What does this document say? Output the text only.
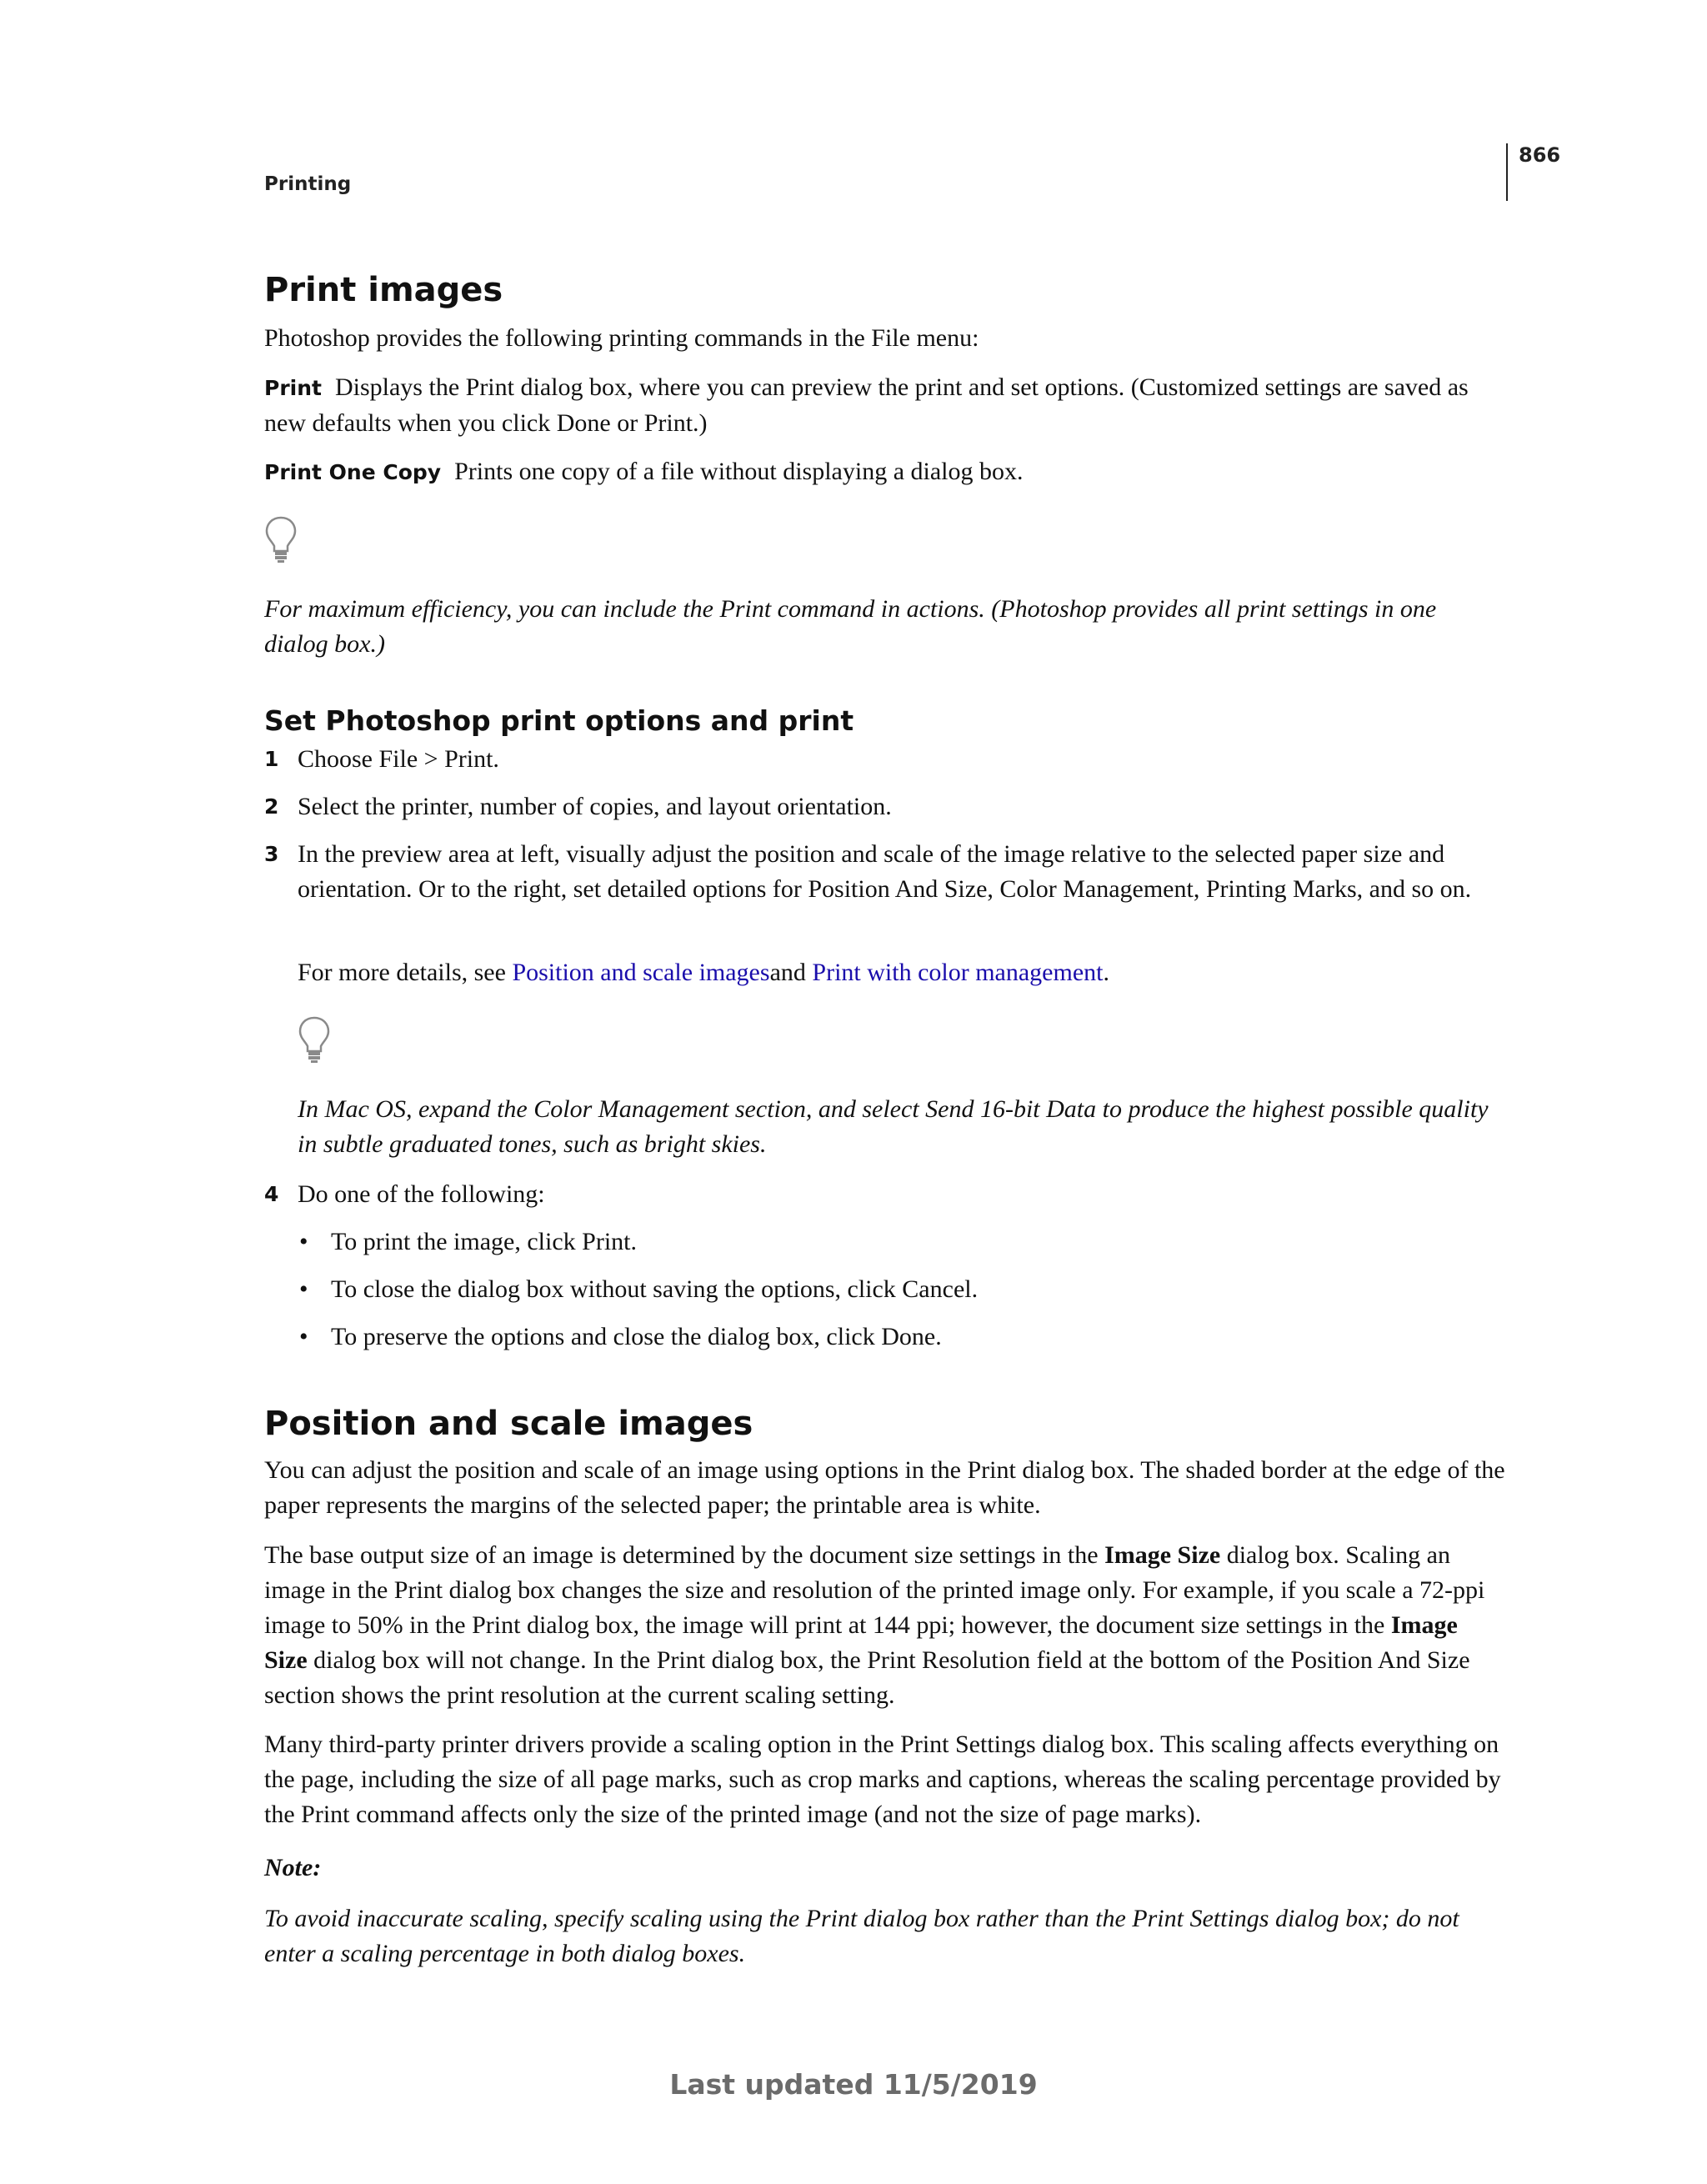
Printing
866
Print images

Photoshop provides the following printing commands in the File menu:

Print Displays the Print dialog box, where you can preview the print and set options. (Customized settings are saved as new defaults when you click Done or Print.)

Print One Copy Prints one copy of a file without displaying a dialog box.

For maximum efficiency, you can include the Print command in actions. (Photoshop provides all print settings in one dialog box.)

Set Photoshop print options and print
1 Choose File > Print.

2 Select the printer, number of copies, and layout orientation.

3 In the preview area at left, visually adjust the position and scale of the image relative to the selected paper size and orientation. Or to the right, set detailed options for Position And Size, Color Management, Printing Marks, and so on.

For more details, see Position and scale imagesand Print with color management.

In Mac OS, expand the Color Management section, and select Send 16-bit Data to produce the highest possible quality in subtle graduated tones, such as bright skies.

4 Do one of the following:

• To print the image, click Print.

• To close the dialog box without saving the options, click Cancel.

• To preserve the options and close the dialog box, click Done.

Position and scale images

You can adjust the position and scale of an image using options in the Print dialog box. The shaded border at the edge of the paper represents the margins of the selected paper; the printable area is white.

The base output size of an image is determined by the document size settings in the Image Size dialog box. Scaling an image in the Print dialog box changes the size and resolution of the printed image only. For example, if you scale a 72-ppi image to 50% in the Print dialog box, the image will print at 144 ppi; however, the document size settings in the Image Size dialog box will not change. In the Print dialog box, the Print Resolution field at the bottom of the Position And Size section shows the print resolution at the current scaling setting.

Many third-party printer drivers provide a scaling option in the Print Settings dialog box. This scaling affects everything on the page, including the size of all page marks, such as crop marks and captions, whereas the scaling percentage provided by the Print command affects only the size of the printed image (and not the size of page marks).

Note:

To avoid inaccurate scaling, specify scaling using the Print dialog box rather than the Print Settings dialog box; do not enter a scaling percentage in both dialog boxes.

Last updated 11/5/2019
